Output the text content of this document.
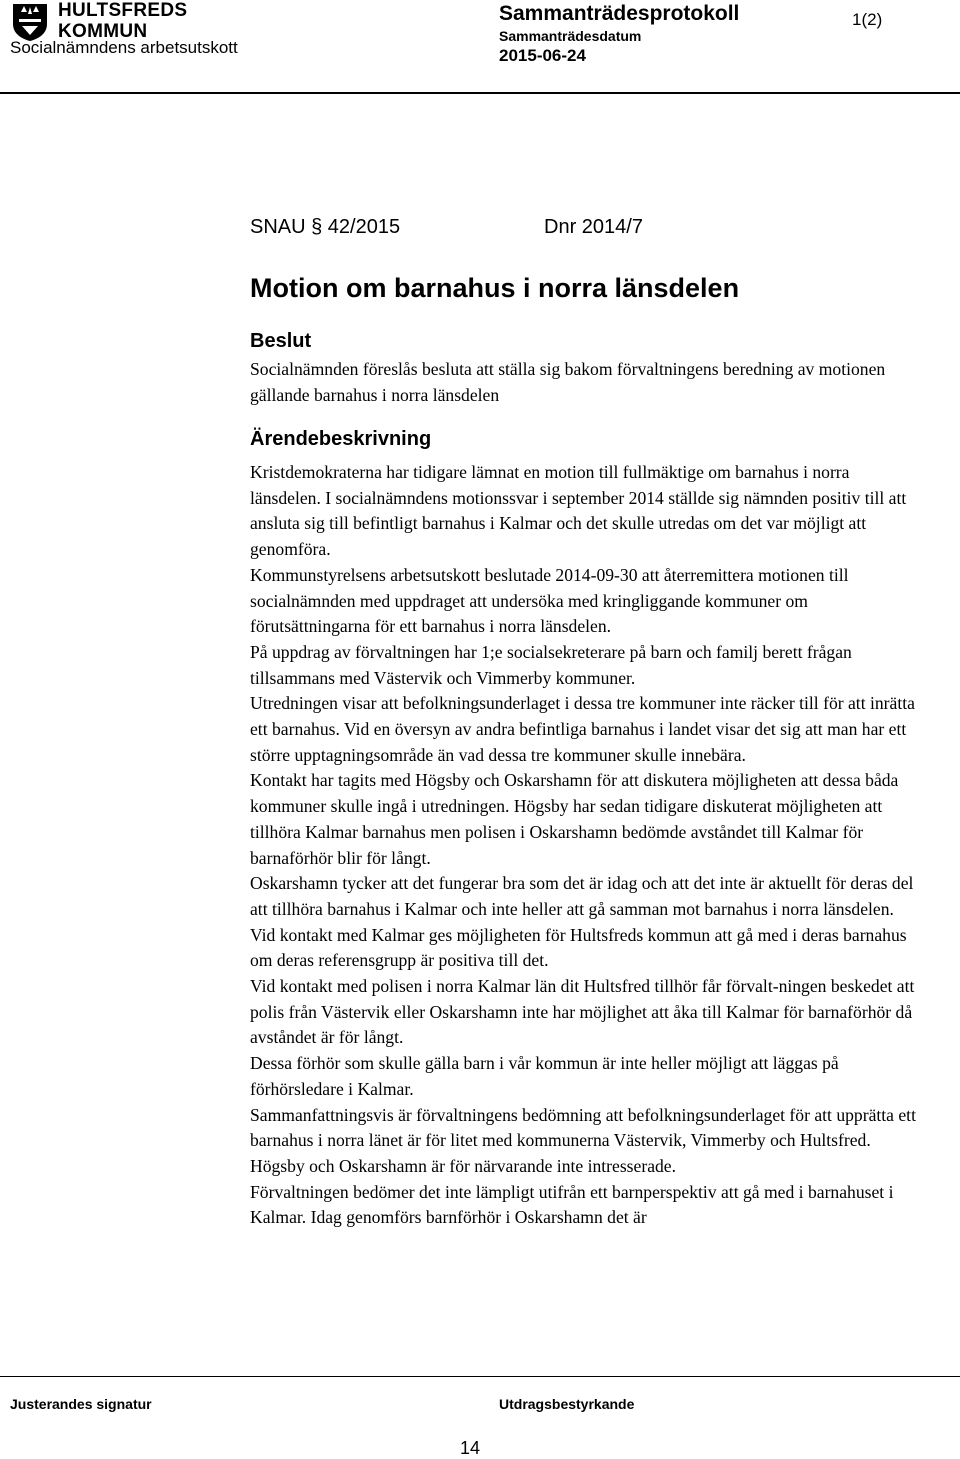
HULTSFREDS
KOMMUN
Socialnämndens arbetsutskott
Sammanträdesprotokoll
Sammanträdesdatum
2015-06-24
1(2)
SNAU § 42/2015	Dnr 2014/7
Motion om barnahus i norra länsdelen
Beslut

Socialnämnden föreslås besluta att ställa sig bakom förvaltningens beredning av motionen gällande barnahus i norra länsdelen

Ärendebeskrivning

Kristdemokraterna har tidigare lämnat en motion till fullmäktige om barnahus i norra länsdelen. I socialnämndens motionssvar i september 2014 ställde sig nämnden positiv till att ansluta sig till befintligt barnahus i Kalmar och det skulle utredas om det var möjligt att genomföra.

Kommunstyrelsens arbetsutskott beslutade 2014-09-30 att återremittera motionen till socialnämnden med uppdraget att undersöka med kringliggande kommuner om förutsättningarna för ett barnahus i norra länsdelen.

På uppdrag av förvaltningen har 1;e socialsekreterare på barn och familj berett frågan tillsammans med Västervik och Vimmerby kommuner.

Utredningen visar att befolkningsunderlaget i dessa tre kommuner inte räcker till för att inrätta ett barnahus. Vid en översyn av andra befintliga barnahus i landet visar det sig att man har ett större upptagningsområde än vad dessa tre kommuner skulle innebära.

Kontakt har tagits med Högsby och Oskarshamn för att diskutera möjligheten att dessa båda kommuner skulle ingå i utredningen. Högsby har sedan tidigare diskuterat möjligheten att tillhöra Kalmar barnahus men polisen i Oskarshamn bedömde avståndet till Kalmar för barnaförhör blir för långt.

Oskarshamn tycker att det fungerar bra som det är idag och att det inte är aktuellt för deras del att tillhöra barnahus i Kalmar och inte heller att gå samman mot barnahus i norra länsdelen.

Vid kontakt med Kalmar ges möjligheten för Hultsfreds kommun att gå med i deras barnahus om deras referensgrupp är positiva till det.

Vid kontakt med polisen i norra Kalmar län dit Hultsfred tillhör får förvalt-ningen beskedet att polis från Västervik eller Oskarshamn inte har möjlighet att åka till Kalmar för barnaförhör då avståndet är för långt.

Dessa förhör som skulle gälla barn i vår kommun är inte heller möjligt att läggas på förhörsledare i Kalmar.

Sammanfattningsvis är förvaltningens bedömning att befolkningsunderlaget för att upprätta ett barnahus i norra länet är för litet med kommunerna Västervik, Vimmerby och Hultsfred. Högsby och Oskarshamn är för närvarande inte intresserade.

Förvaltningen bedömer det inte lämpligt utifrån ett barnperspektiv att gå med i barnahuset i Kalmar. Idag genomförs barnförhör i Oskarshamn det är

Justerandes signatur	Utdragsbestyrkande
14
